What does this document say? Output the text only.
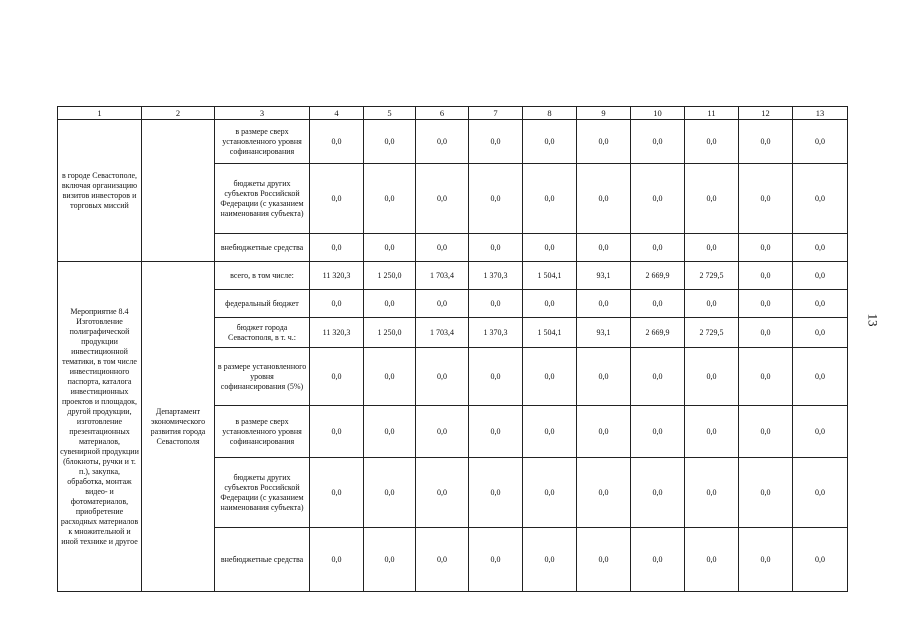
1	2	3	4	5	6	7	8	9	10	11	12	13
в городе Севастополе, включая организацию визитов инвесторов и торговых миссий		в размере сверх установленного уровня софинансирования	0,0	0,0	0,0	0,0	0,0	0,0	0,0	0,0	0,0	0,0
		бюджеты других субъектов Российской Федерации (с указанием наименования субъекта)	0,0	0,0	0,0	0,0	0,0	0,0	0,0	0,0	0,0	0,0
		внебюджетные средства	0,0	0,0	0,0	0,0	0,0	0,0	0,0	0,0	0,0	0,0
Мероприятие 8.4 Изготовление полиграфической продукции инвестиционной тематики, в том числе инвестиционного паспорта, каталога инвестиционных проектов и площадок, другой продукции, изготовление презентационных материалов, сувенирной продукции (блокноты, ручки и т. п.), закупка, обработка, монтаж видео- и фотоматериалов, приобретение расходных материалов к множительной и иной технике и другое	Департамент экономического развития города Севастополя	всего, в том числе:	11 320,3	1 250,0	1 703,4	1 370,3	1 504,1	93,1	2 669,9	2 729,5	0,0	0,0
		федеральный бюджет	0,0	0,0	0,0	0,0	0,0	0,0	0,0	0,0	0,0	0,0
		бюджет города Севастополя, в т. ч.:	11 320,3	1 250,0	1 703,4	1 370,3	1 504,1	93,1	2 669,9	2 729,5	0,0	0,0
		в размере установленного уровня софинансирования (5%)	0,0	0,0	0,0	0,0	0,0	0,0	0,0	0,0	0,0	0,0
		в размере сверх установленного уровня софинансирования	0,0	0,0	0,0	0,0	0,0	0,0	0,0	0,0	0,0	0,0
		бюджеты других субъектов Российской Федерации (с указанием наименования субъекта)	0,0	0,0	0,0	0,0	0,0	0,0	0,0	0,0	0,0	0,0
		внебюджетные средства	0,0	0,0	0,0	0,0	0,0	0,0	0,0	0,0	0,0	0,0
13
